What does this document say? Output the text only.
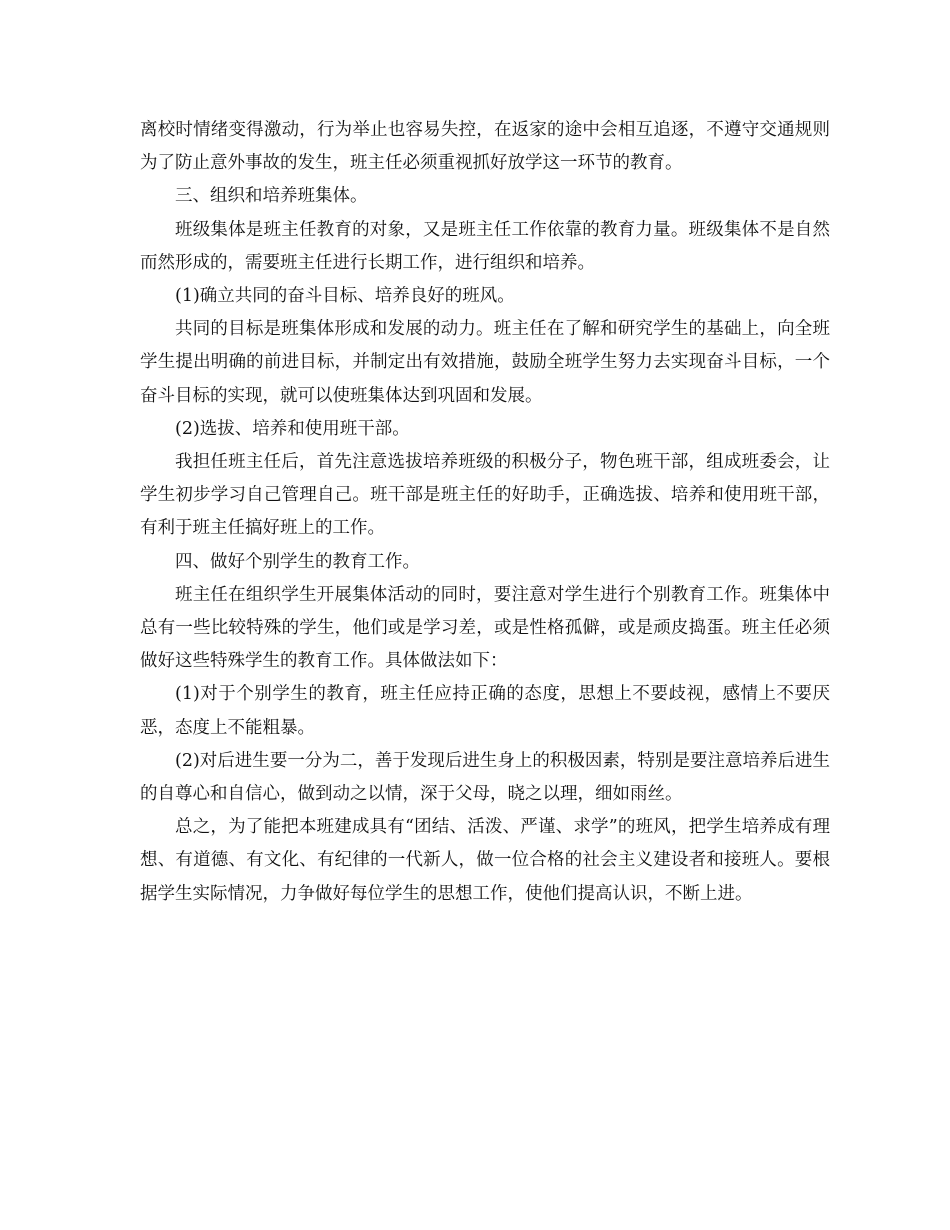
离校时情绪变得激动，行为举止也容易失控，在返家的途中会相互追逐，不遵守交通规则为了防止意外事故的发生，班主任必须重视抓好放学这一环节的教育。

三、组织和培养班集体。

班级集体是班主任教育的对象，又是班主任工作依靠的教育力量。班级集体不是自然而然形成的，需要班主任进行长期工作，进行组织和培养。

(1)确立共同的奋斗目标、培养良好的班风。

共同的目标是班集体形成和发展的动力。班主任在了解和研究学生的基础上，向全班学生提出明确的前进目标，并制定出有效措施，鼓励全班学生努力去实现奋斗目标，一个奋斗目标的实现，就可以使班集体达到巩固和发展。

(2)选拔、培养和使用班干部。

我担任班主任后，首先注意选拔培养班级的积极分子，物色班干部，组成班委会，让学生初步学习自己管理自己。班干部是班主任的好助手，正确选拔、培养和使用班干部，有利于班主任搞好班上的工作。

四、做好个别学生的教育工作。

班主任在组织学生开展集体活动的同时，要注意对学生进行个别教育工作。班集体中总有一些比较特殊的学生，他们或是学习差，或是性格孤僻，或是顽皮捣蛋。班主任必须做好这些特殊学生的教育工作。具体做法如下：

(1)对于个别学生的教育，班主任应持正确的态度，思想上不要歧视，感情上不要厌恶，态度上不能粗暴。

(2)对后进生要一分为二，善于发现后进生身上的积极因素，特别是要注意培养后进生的自尊心和自信心，做到动之以情，深于父母，晓之以理，细如雨丝。

总之，为了能把本班建成具有“团结、活泼、严谨、求学”的班风，把学生培养成有理想、有道德、有文化、有纪律的一代新人，做一位合格的社会主义建设者和接班人。要根据学生实际情况，力争做好每位学生的思想工作，使他们提高认识，不断上进。
